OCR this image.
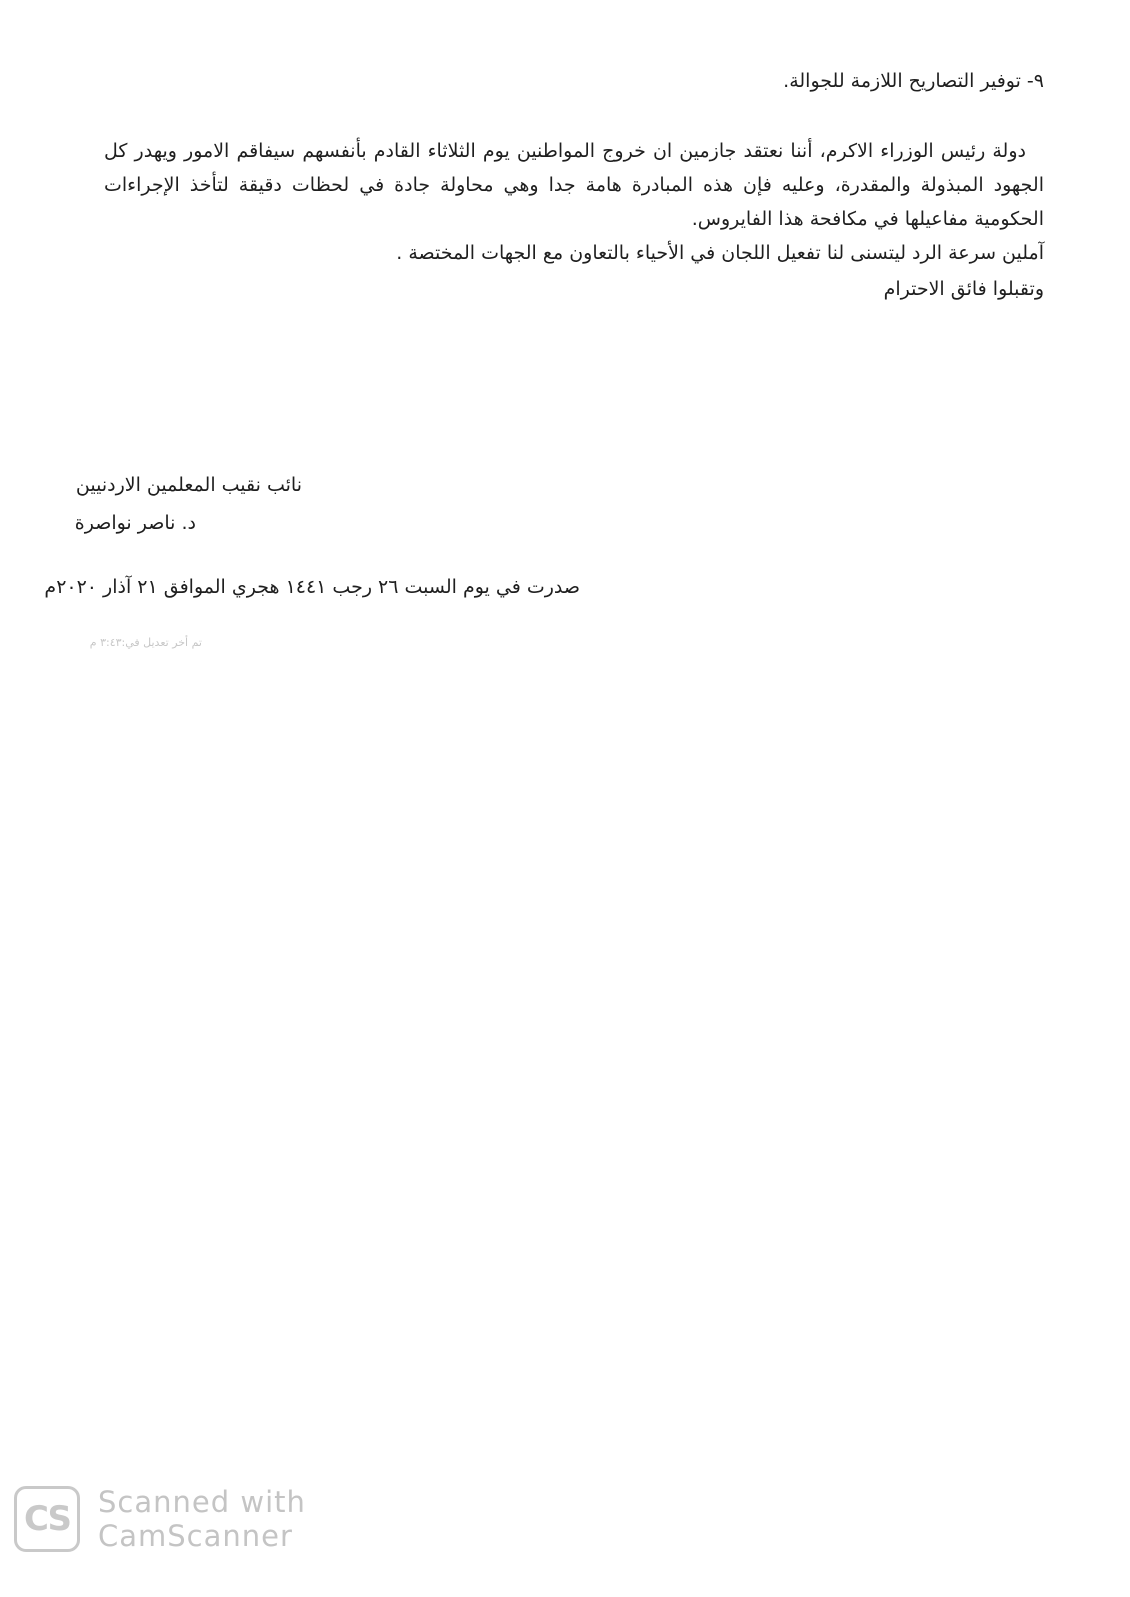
٩- توفير التصاريح اللازمة للجوالة.
دولة رئيس الوزراء الاكرم، أننا نعتقد جازمين ان خروج المواطنين يوم الثلاثاء القادم بأنفسهم سيفاقم الامور ويهدر كل الجهود المبذولة والمقدرة، وعليه فإن هذه المبادرة هامة جدا وهي محاولة جادة في لحظات دقيقة لتأخذ الإجراءات الحكومية مفاعيلها في مكافحة هذا الفايروس.
آملين سرعة الرد ليتسنى لنا تفعيل اللجان في الأحياء بالتعاون مع الجهات المختصة .
وتقبلوا فائق الاحترام
نائب نقيب المعلمين الاردنيين
د. ناصر نواصرة
صدرت في يوم السبت ٢٦ رجب ١٤٤١ هجري الموافق ٢١ آذار ٢٠٢٠م
تم أخر تعديل في:٣:٤٣ م
CS Scanned with
CamScanner
